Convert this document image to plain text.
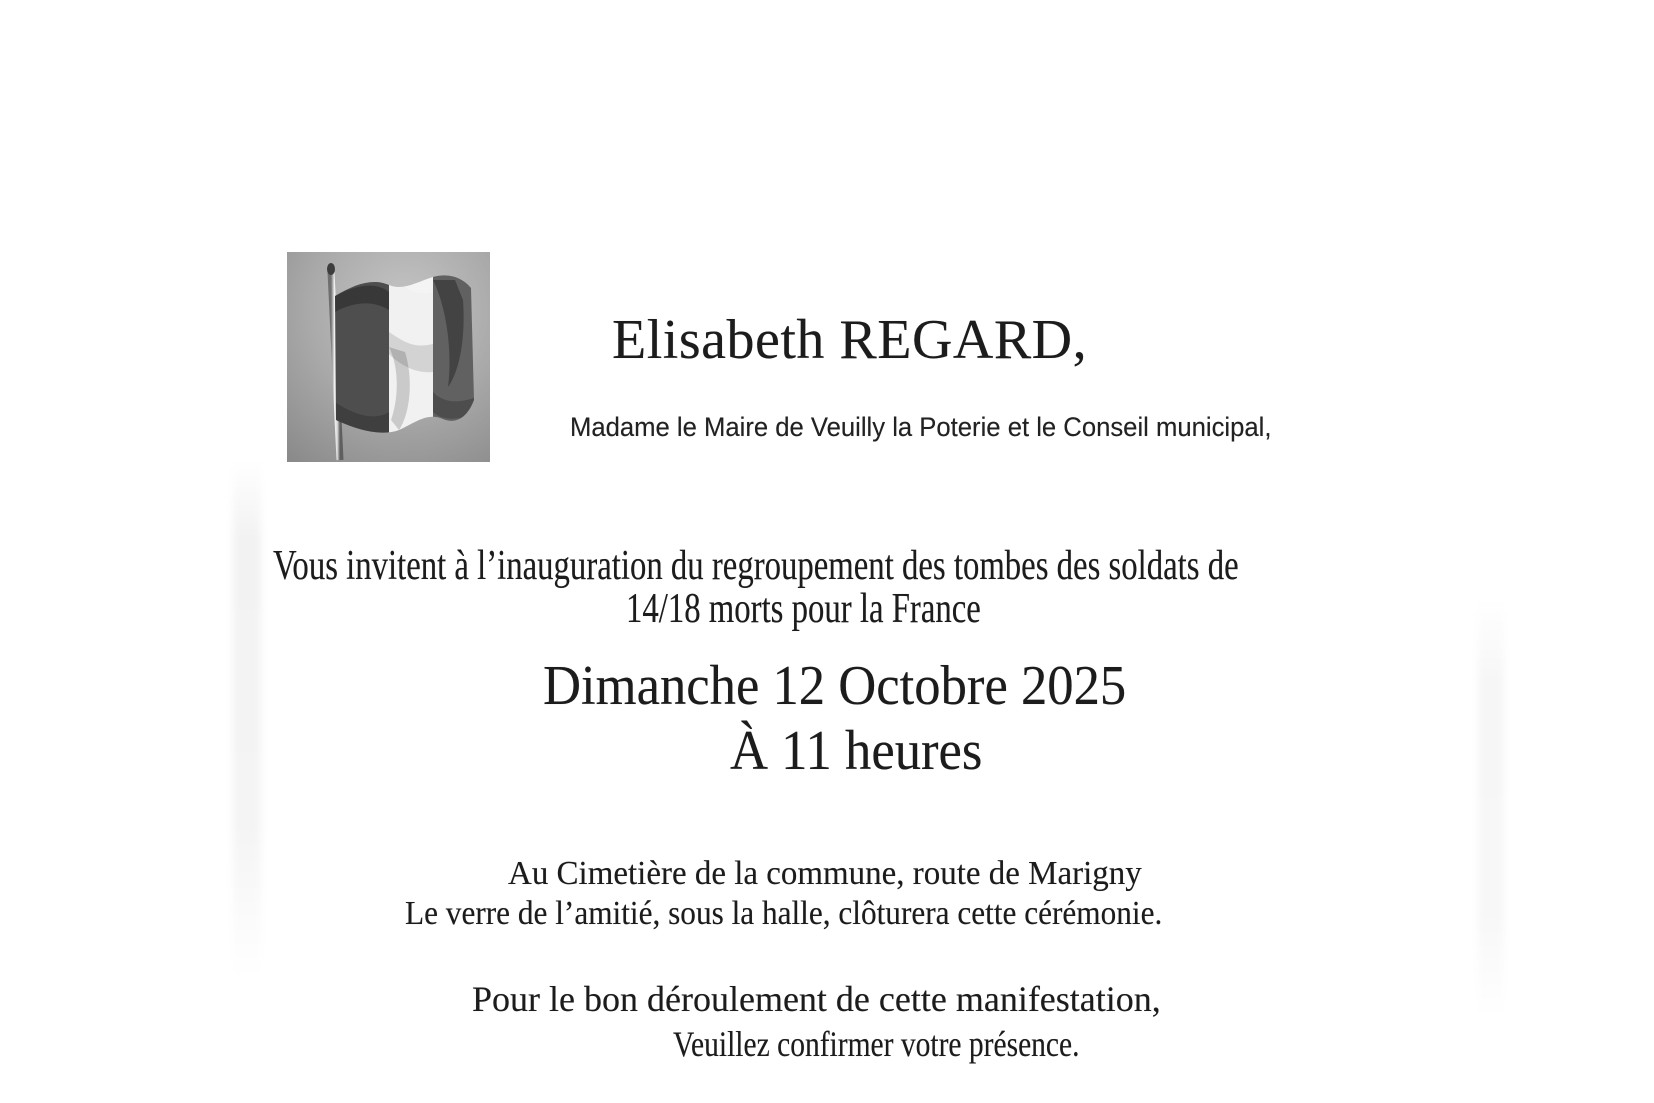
Elisabeth REGARD,
Madame le Maire de Veuilly la Poterie et le Conseil municipal,
Vous invitent à l’inauguration du regroupement des tombes des soldats de
14/18 morts pour la France
Dimanche 12 Octobre 2025
À 11 heures
Au Cimetière de la commune, route de Marigny
Le verre de l’amitié, sous la halle, clôturera cette cérémonie.
Pour le bon déroulement de cette manifestation,
Veuillez confirmer votre présence.
